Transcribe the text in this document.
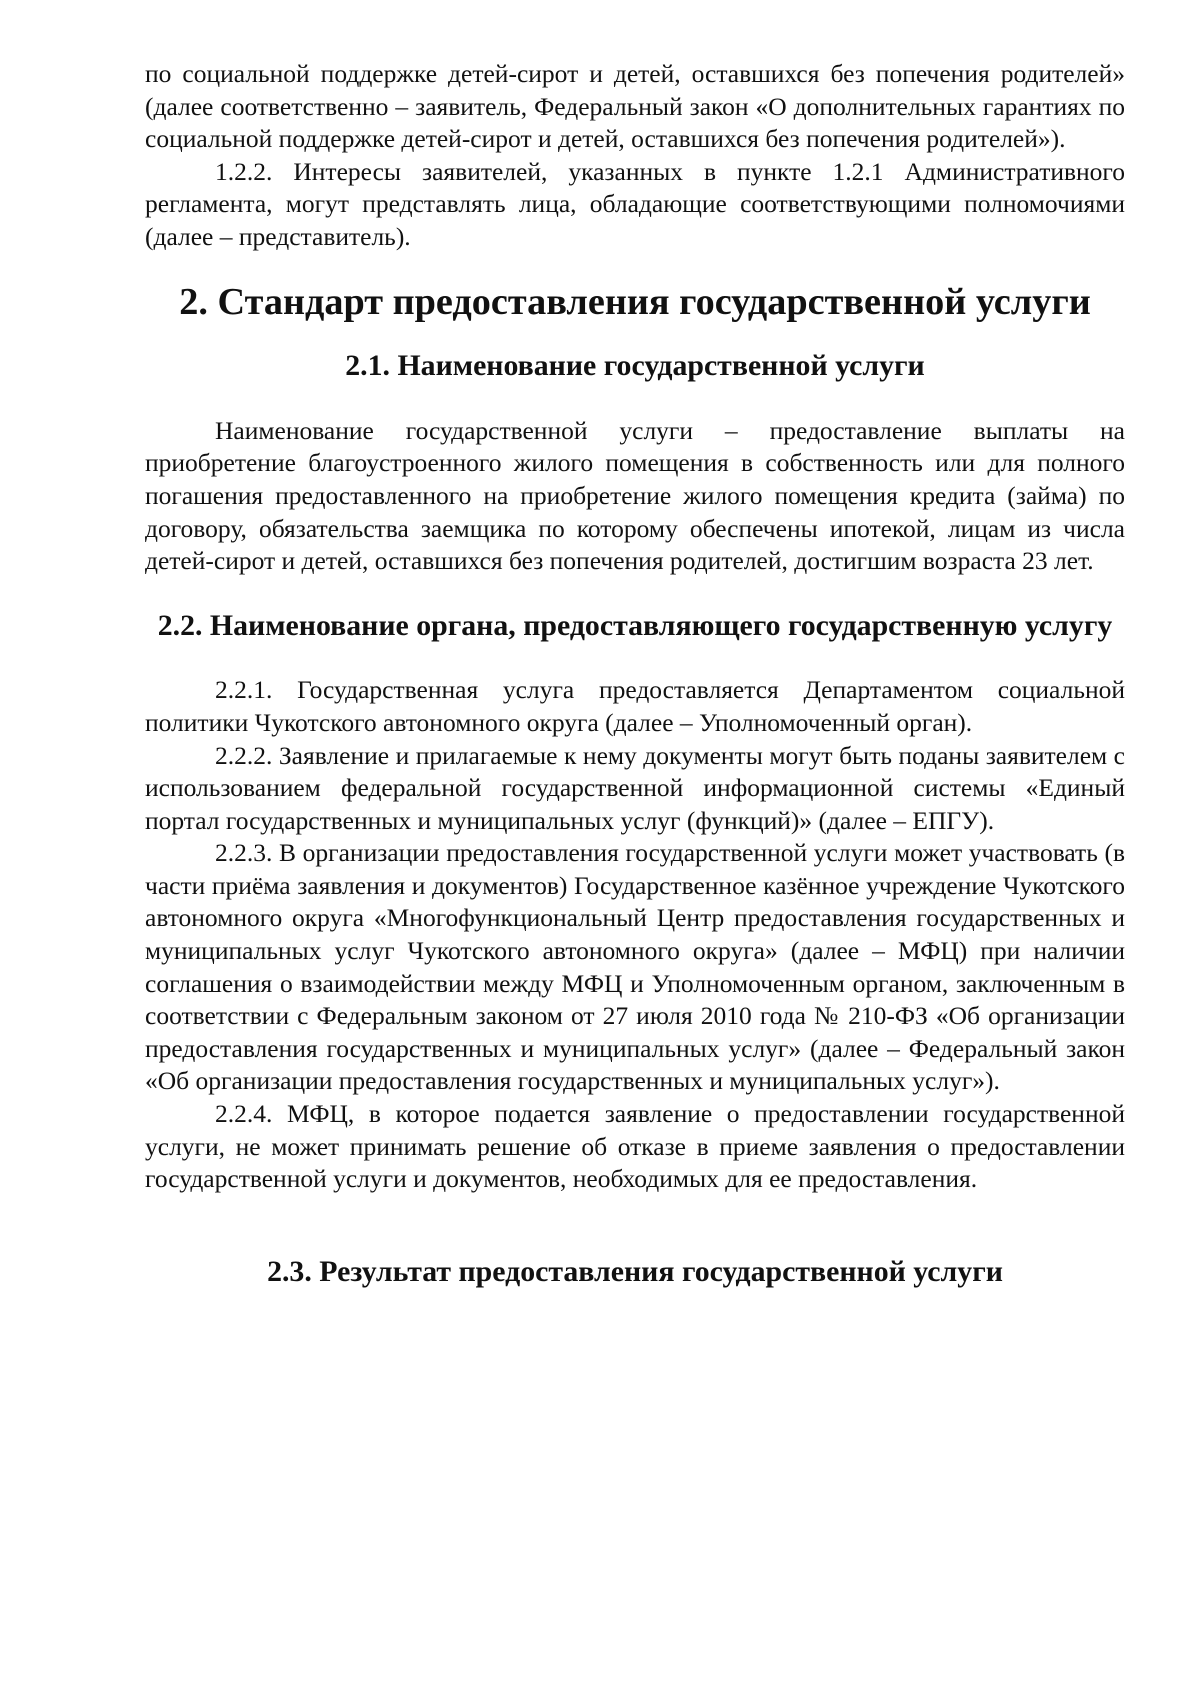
по социальной поддержке детей-сирот и детей, оставшихся без попечения родителей» (далее соответственно – заявитель, Федеральный закон «О дополнительных гарантиях по социальной поддержке детей-сирот и детей, оставшихся без попечения родителей»).

1.2.2. Интересы заявителей, указанных в пункте 1.2.1 Административного регламента, могут представлять лица, обладающие соответствующими полномочиями (далее – представитель).

2. Стандарт предоставления государственной услуги
2.1. Наименование государственной услуги

Наименование государственной услуги – предоставление выплаты на приобретение благоустроенного жилого помещения в собственность или для полного погашения предоставленного на приобретение жилого помещения кредита (займа) по договору, обязательства заемщика по которому обеспечены ипотекой, лицам из числа детей-сирот и детей, оставшихся без попечения родителей, достигшим возраста 23 лет.

2.2. Наименование органа, предоставляющего государственную услугу

2.2.1. Государственная услуга предоставляется Департаментом социальной политики Чукотского автономного округа (далее – Уполномоченный орган).

2.2.2. Заявление и прилагаемые к нему документы могут быть поданы заявителем с использованием федеральной государственной информационной системы «Единый портал государственных и муниципальных услуг (функций)» (далее – ЕПГУ).

2.2.3. В организации предоставления государственной услуги может участвовать (в части приёма заявления и документов) Государственное казённое учреждение Чукотского автономного округа «Многофункциональный Центр предоставления государственных и муниципальных услуг Чукотского автономного округа» (далее – МФЦ) при наличии соглашения о взаимодействии между МФЦ и Уполномоченным органом, заключенным в соответствии с Федеральным законом от 27 июля 2010 года № 210-ФЗ «Об организации предоставления государственных и муниципальных услуг» (далее – Федеральный закон «Об организации предоставления государственных и муниципальных услуг»).

2.2.4. МФЦ, в которое подается заявление о предоставлении государственной услуги, не может принимать решение об отказе в приеме заявления о предоставлении государственной услуги и документов, необходимых для ее предоставления.

2.3. Результат предоставления государственной услуги
